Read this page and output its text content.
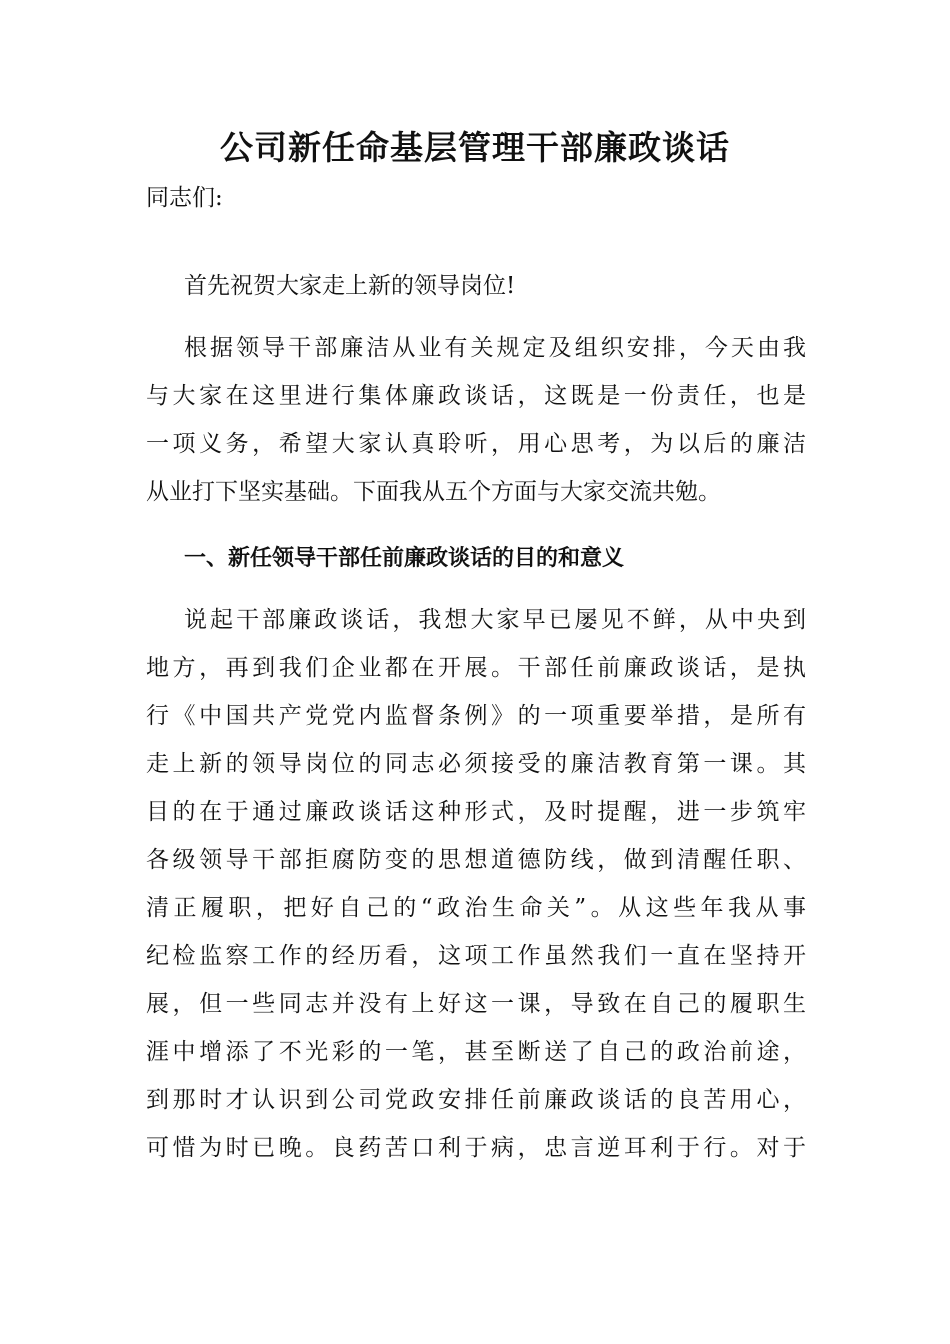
公司新任命基层管理干部廉政谈话

同志们:

首先祝贺大家走上新的领导岗位!

根据领导干部廉洁从业有关规定及组织安排，今天由我

与大家在这里进行集体廉政谈话，这既是一份责任，也是

一项义务，希望大家认真聆听，用心思考，为以后的廉洁

从业打下坚实基础。下面我从五个方面与大家交流共勉。

一、新任领导干部任前廉政谈话的目的和意义

说起干部廉政谈话，我想大家早已屡见不鲜，从中央到

地方，再到我们企业都在开展。干部任前廉政谈话，是执

行《中国共产党党内监督条例》的一项重要举措，是所有

走上新的领导岗位的同志必须接受的廉洁教育第一课。其

目的在于通过廉政谈话这种形式，及时提醒，进一步筑牢

各级领导干部拒腐防变的思想道德防线，做到清醒任职、

清正履职，把好自己的“政治生命关”。从这些年我从事

纪检监察工作的经历看，这项工作虽然我们一直在坚持开

展，但一些同志并没有上好这一课，导致在自己的履职生

涯中增添了不光彩的一笔，甚至断送了自己的政治前途，

到那时才认识到公司党政安排任前廉政谈话的良苦用心，

可惜为时已晚。良药苦口利于病，忠言逆耳利于行。对于
